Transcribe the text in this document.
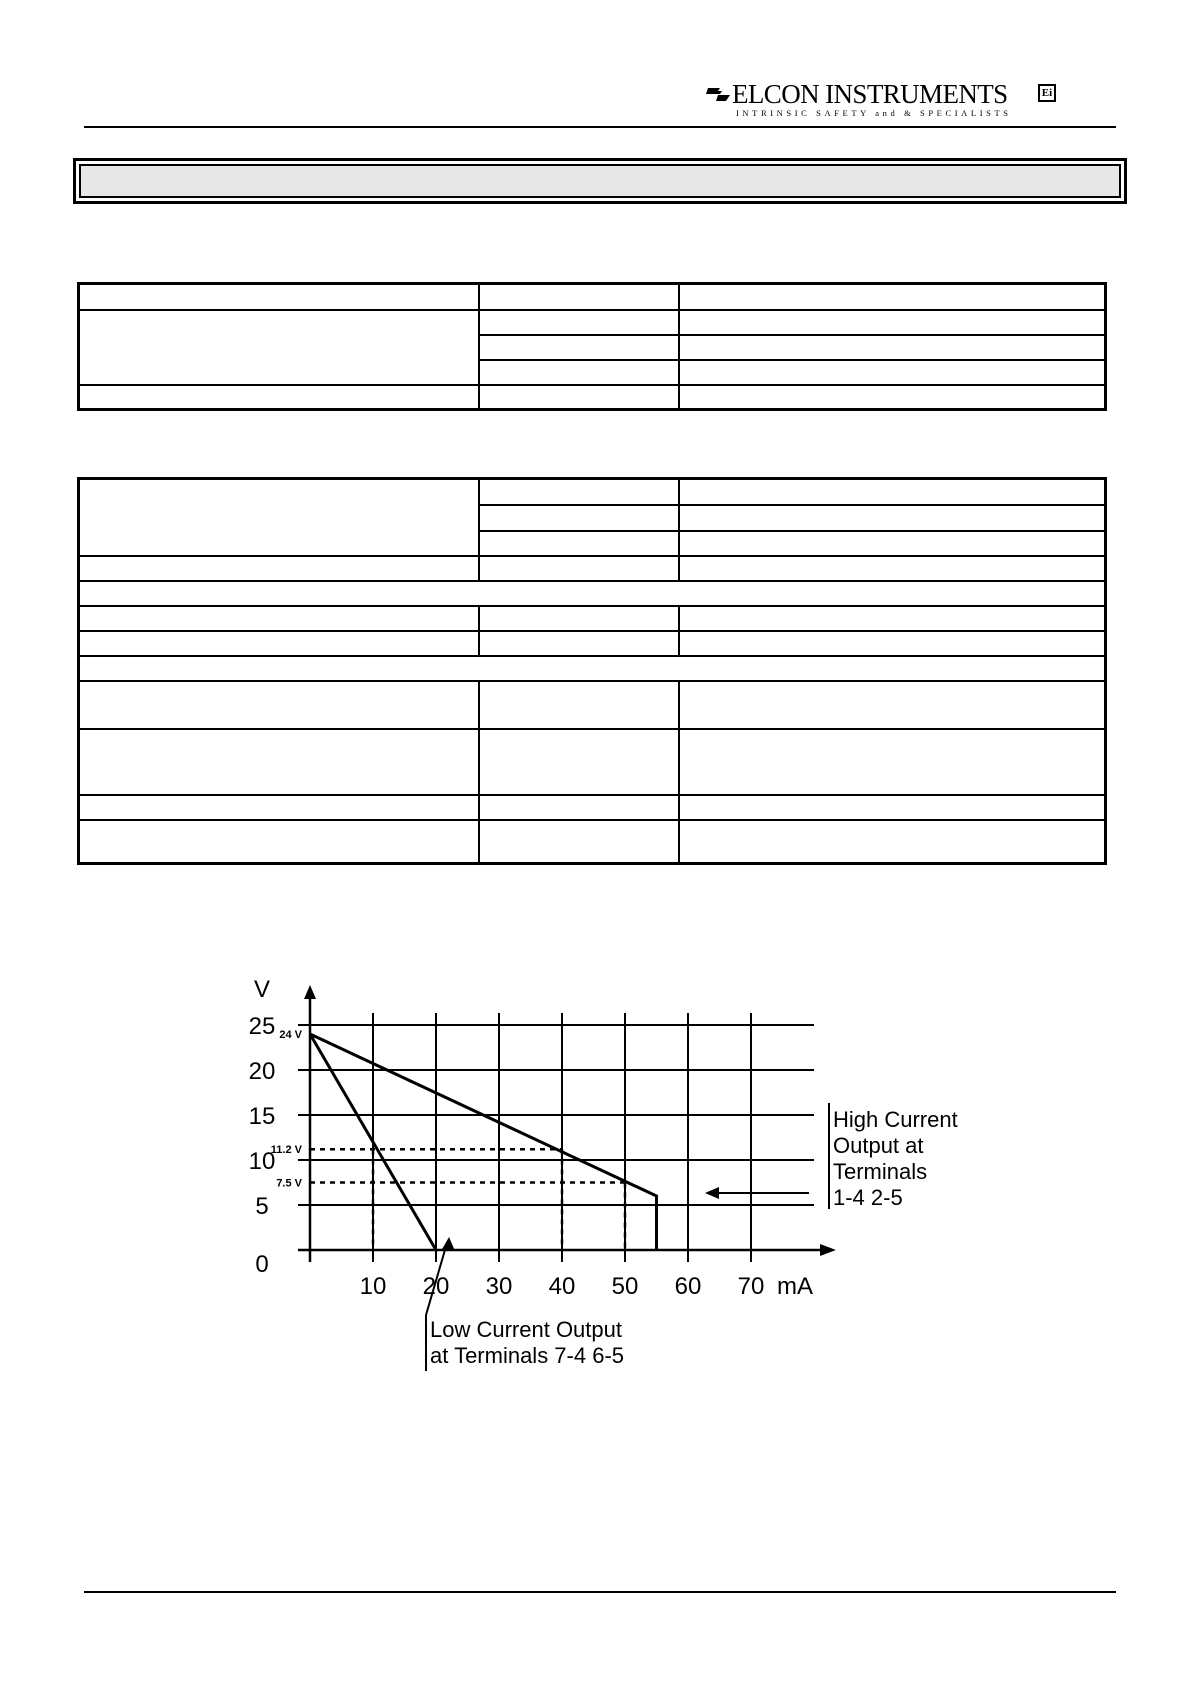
ELCON INSTRUMENTS	Ei
INTRINSIC SAFETY and & SPECIALISTS

0
5
10
15
20
25
V
10 20 30 40 50 60 70 mA
11.2 V
7.5 V
24 V
High Current
Output at
Terminals
1-4 2-5
Low Current Output
at Terminals 7-4 6-5
